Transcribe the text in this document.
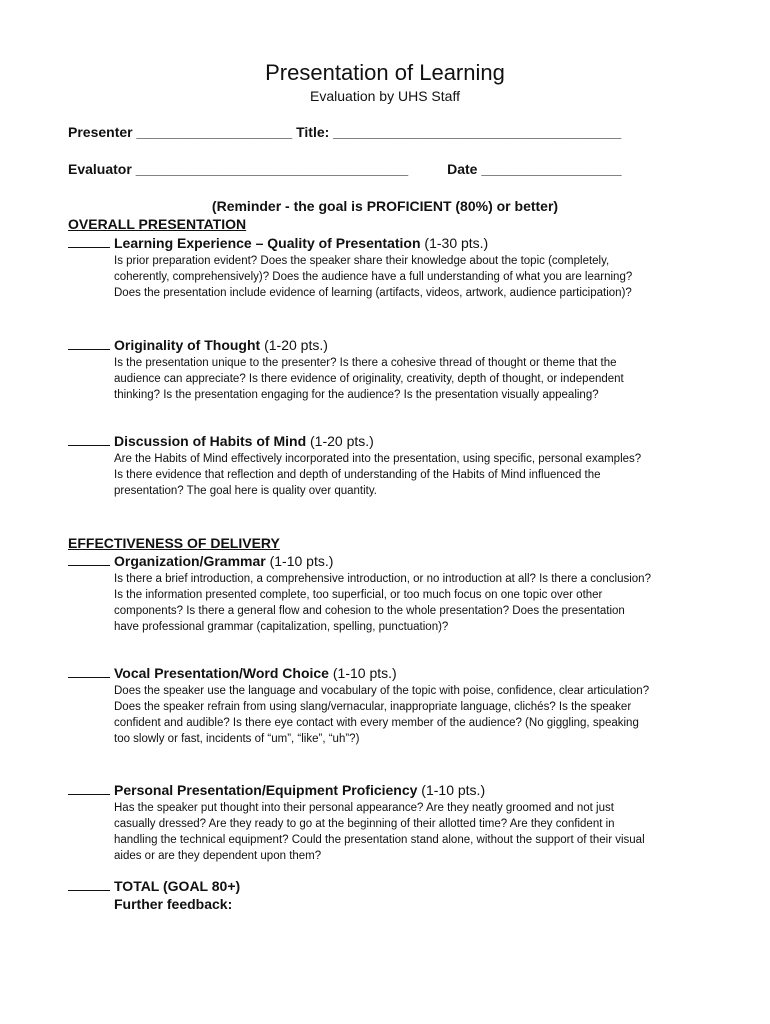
Presentation of Learning
Evaluation by UHS Staff
Presenter ____________________ Title: _____________________________________
Evaluator ___________________________________          Date __________________
(Reminder - the goal is PROFICIENT (80%) or better)
OVERALL PRESENTATION
Learning Experience – Quality of Presentation (1-30 pts.)
Is prior preparation evident? Does the speaker share their knowledge about the topic (completely,
coherently, comprehensively)? Does the audience have a full understanding of what you are learning?
Does the presentation include evidence of learning (artifacts, videos, artwork, audience participation)?
Originality of Thought (1-20 pts.)
Is the presentation unique to the presenter? Is there a cohesive thread of thought or theme that the
audience can appreciate? Is there evidence of originality, creativity, depth of thought, or independent
thinking? Is the presentation engaging for the audience? Is the presentation visually appealing?
Discussion of Habits of Mind (1-20 pts.)
Are the Habits of Mind effectively incorporated into the presentation, using specific, personal examples?
Is there evidence that reflection and depth of understanding of the Habits of Mind influenced the
presentation? The goal here is quality over quantity.
EFFECTIVENESS OF DELIVERY
Organization/Grammar (1-10 pts.)
Is there a brief introduction, a comprehensive introduction, or no introduction at all? Is there a conclusion?
Is the information presented complete, too superficial, or too much focus on one topic over other
components? Is there a general flow and cohesion to the whole presentation? Does the presentation
have professional grammar (capitalization, spelling, punctuation)?
Vocal Presentation/Word Choice (1-10 pts.)
Does the speaker use the language and vocabulary of the topic with poise, confidence, clear articulation?
Does the speaker refrain from using slang/vernacular, inappropriate language, clichés? Is the speaker
confident and audible? Is there eye contact with every member of the audience? (No giggling, speaking
too slowly or fast, incidents of “um”, “like”, “uh”?)
Personal Presentation/Equipment Proficiency (1-10 pts.)
Has the speaker put thought into their personal appearance? Are they neatly groomed and not just
casually dressed? Are they ready to go at the beginning of their allotted time? Are they confident in
handling the technical equipment? Could the presentation stand alone, without the support of their visual
aides or are they dependent upon them?
TOTAL (GOAL 80+)
Further feedback:
